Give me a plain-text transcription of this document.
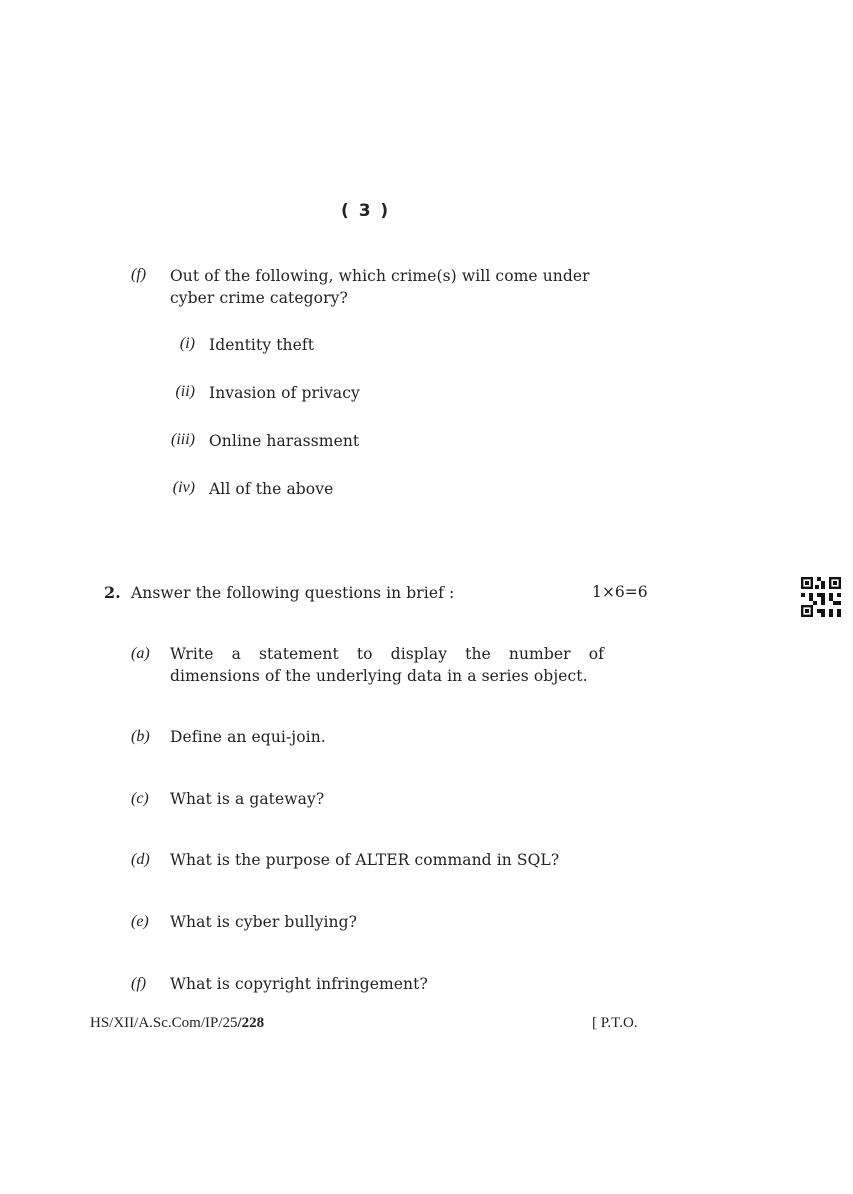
( 3 )
(f) Out of the following, which crime(s) will come under
cyber crime category?
(i) Identity theft
(ii) Invasion of privacy
(iii) Online harassment
(iv) All of the above
2. Answer the following questions in brief :	1×6=6
(a) Write a statement to display the number of
dimensions of the underlying data in a series object.
(b) Define an equi-join.
(c) What is a gateway?
(d) What is the purpose of ALTER command in SQL?
(e) What is cyber bullying?
(f) What is copyright infringement?
HS/XII/A.Sc.Com/IP/25/228	[ P.T.O.
